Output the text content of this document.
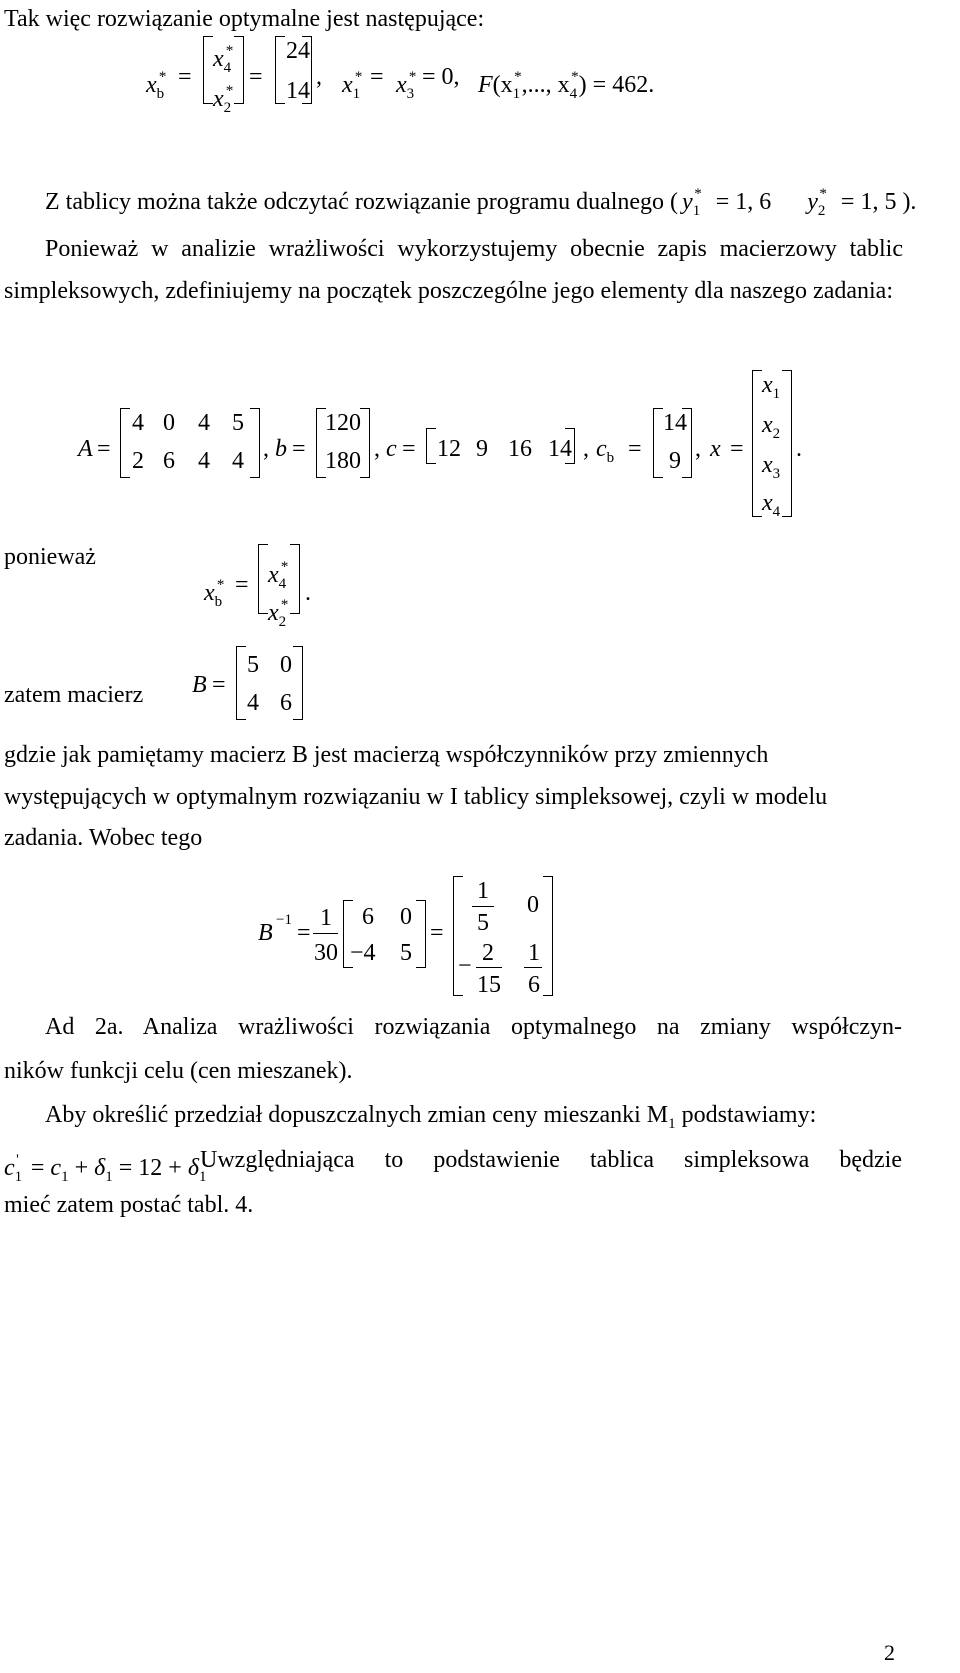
Tak więc rozwiązanie optymalne jest następujące:
$x_b^*$ =
$x_4^*$
$x_2^*$
=
24
14
, $x_1^* = x_3^* = 0$, $F(x_1^*$,..., $x_4^*) = 462$.
Z tablicy można także odczytać rozwiązanie programu dualnego ( $y_1^* = 1$, 6 $y_2^* = 1$, 5 ).
Ponieważ w analizie wrażliwości wykorzystujemy obecnie zapis macierzowy tablic
simpleksowych, zdefiniujemy na początek poszczególne jego elementy dla naszego zadania:
A =
4 0 4 5
2 6 4 4 , b =
120
180 , c = 12 9 16 14 , $c_b$ =
14
9 , x =
$x_1$
$x_2$
$x_3$
$x_4$
.
ponieważ
$x_b^* = x_4^*$
$x_2^*$ .
zatem macierz B =
5 0
4 6
gdzie jak pamiętamy macierz B jest macierzą współczynników przy zmiennych
występujących w optymalnym rozwiązaniu w I tablicy simpleksowej, czyli w modelu
zadania. Wobec tego
B −1 =
1
30
6 0
−4 5
=
1
5
0
− 2
15
1
6
Ad 2a. Analiza wrażliwości rozwiązania optymalnego na zmiany współczyn-
ników funkcji celu (cen mieszanek).
Aby określić przedział dopuszczalnych zmian ceny mieszanki $M_1$ podstawiamy:
$c_1' = c_1 + \delta_1 = 12 + \delta_1$
Uwzględniająca to podstawienie tablica simpleksowa będzie
mieć zatem postać tabl. 4.
2
